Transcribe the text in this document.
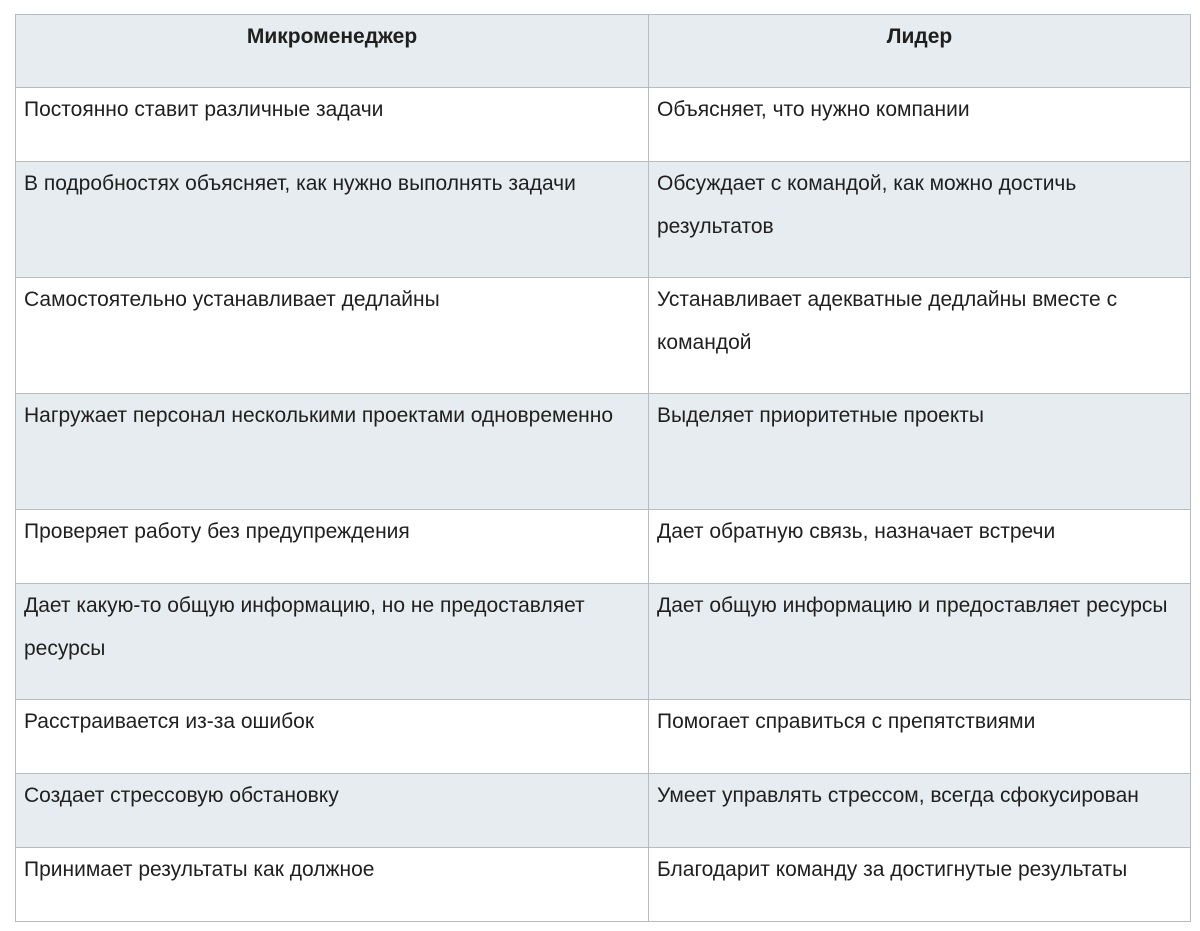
Микроменеджер	Лидер
Постоянно ставит различные задачи	Объясняет, что нужно компании
В подробностях объясняет, как нужно выполнять задачи	Обсуждает с командой, как можно достичь результатов
Самостоятельно устанавливает дедлайны	Устанавливает адекватные дедлайны вместе с командой
Нагружает персонал несколькими проектами одновременно	Выделяет приоритетные проекты
Проверяет работу без предупреждения	Дает обратную связь, назначает встречи
Дает какую-то общую информацию, но не предоставляет ресурсы	Дает общую информацию и предоставляет ресурсы
Расстраивается из-за ошибок	Помогает справиться с препятствиями
Создает стрессовую обстановку	Умеет управлять стрессом, всегда сфокусирован
Принимает результаты как должное	Благодарит команду за достигнутые результаты
